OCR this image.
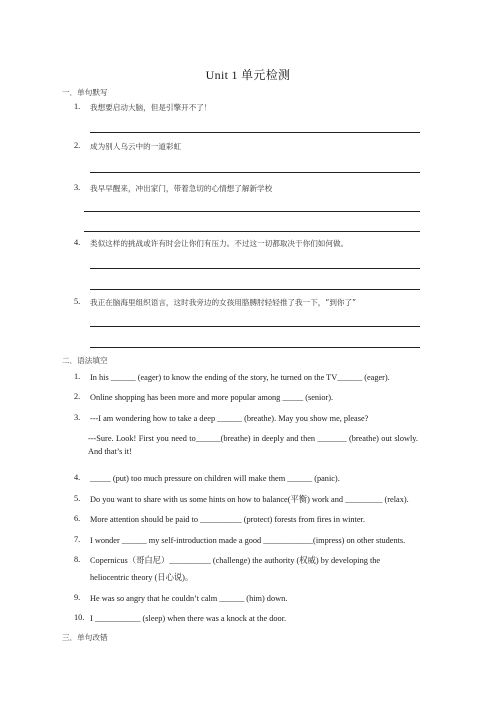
Unit 1 单元检测
一．单句默写
1. 我想要启动大脑，但是引擎开不了！
2. 成为别人乌云中的一道彩虹
3. 我早早醒来，冲出家门，带着急切的心情想了解新学校
4. 类似这样的挑战或许有时会让你们有压力。不过这一切都取决于你们如何做。
5. 我正在脑海里组织语言，这时我旁边的女孩用胳膊肘轻轻推了我一下，“到你了”
二．语法填空
1. In his ______ (eager) to know the ending of the story, he turned on the TV______ (eager).
2. Online shopping has been more and more popular among _____ (senior).
3. ---I am wondering how to take a deep ______ (breathe). May you show me, please?
---Sure. Look! First you need to______(breathe) in deeply and then _______ (breathe) out slowly. And that’s it!
4. _____ (put) too much pressure on children will make them ______ (panic).
5. Do you want to share with us some hints on how to balance(平衡) work and _________ (relax).
6. More attention should be paid to __________ (protect) forests from fires in winter.
7. I wonder ______ my self-introduction made a good ____________(impress) on other students.
8. Copernicus（哥白尼）__________ (challenge) the authority (权威) by developing the
heliocentric theory (日心说)。
9. He was so angry that he couldn’t calm ______ (him) down.
10. I ___________ (sleep) when there was a knock at the door.
三．单句改错
